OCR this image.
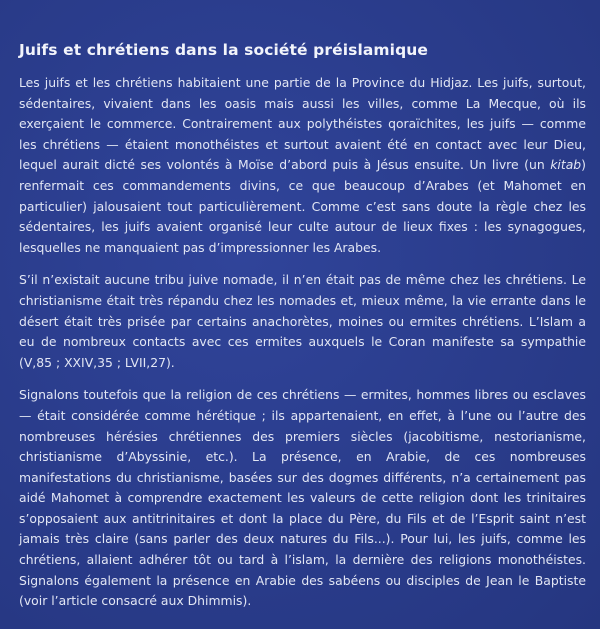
Juifs et chrétiens dans la société préislamique

Les juifs et les chrétiens habitaient une partie de la Province du Hidjaz. Les juifs, surtout, sédentaires, vivaient dans les oasis mais aussi les villes, comme La Mecque, où ils exerçaient le commerce. Contrairement aux polythéistes qoraïchites, les juifs — comme les chrétiens — étaient monothéistes et surtout avaient été en contact avec leur Dieu, lequel aurait dicté ses volontés à Moïse d’abord puis à Jésus ensuite. Un livre (un kitab) renfermait ces commandements divins, ce que beaucoup d’Arabes (et Mahomet en particulier) jalousaient tout particulièrement. Comme c’est sans doute la règle chez les sédentaires, les juifs avaient organisé leur culte autour de lieux fixes : les synagogues, lesquelles ne manquaient pas d’impressionner les Arabes.

S’il n’existait aucune tribu juive nomade, il n’en était pas de même chez les chrétiens. Le christianisme était très répandu chez les nomades et, mieux même, la vie errante dans le désert était très prisée par certains anachorètes, moines ou ermites chrétiens. L’Islam a eu de nombreux contacts avec ces ermites auxquels le Coran manifeste sa sympathie (V,85 ; XXIV,35 ; LVII,27).

Signalons toutefois que la religion de ces chrétiens — ermites, hommes libres ou esclaves — était considérée comme hérétique ; ils appartenaient, en effet, à l’une ou l’autre des nombreuses hérésies chrétiennes des premiers siècles (jacobitisme, nestorianisme, christianisme d’Abyssinie, etc.). La présence, en Arabie, de ces nombreuses manifestations du christianisme, basées sur des dogmes différents, n’a certainement pas aidé Mahomet à comprendre exactement les valeurs de cette religion dont les trinitaires s’opposaient aux antitrinitaires et dont la place du Père, du Fils et de l’Esprit saint n’est jamais très claire (sans parler des deux natures du Fils...). Pour lui, les juifs, comme les chrétiens, allaient adhérer tôt ou tard à l’islam, la dernière des religions monothéistes. Signalons également la présence en Arabie des sabéens ou disciples de Jean le Baptiste (voir l’article consacré aux Dhimmis).
